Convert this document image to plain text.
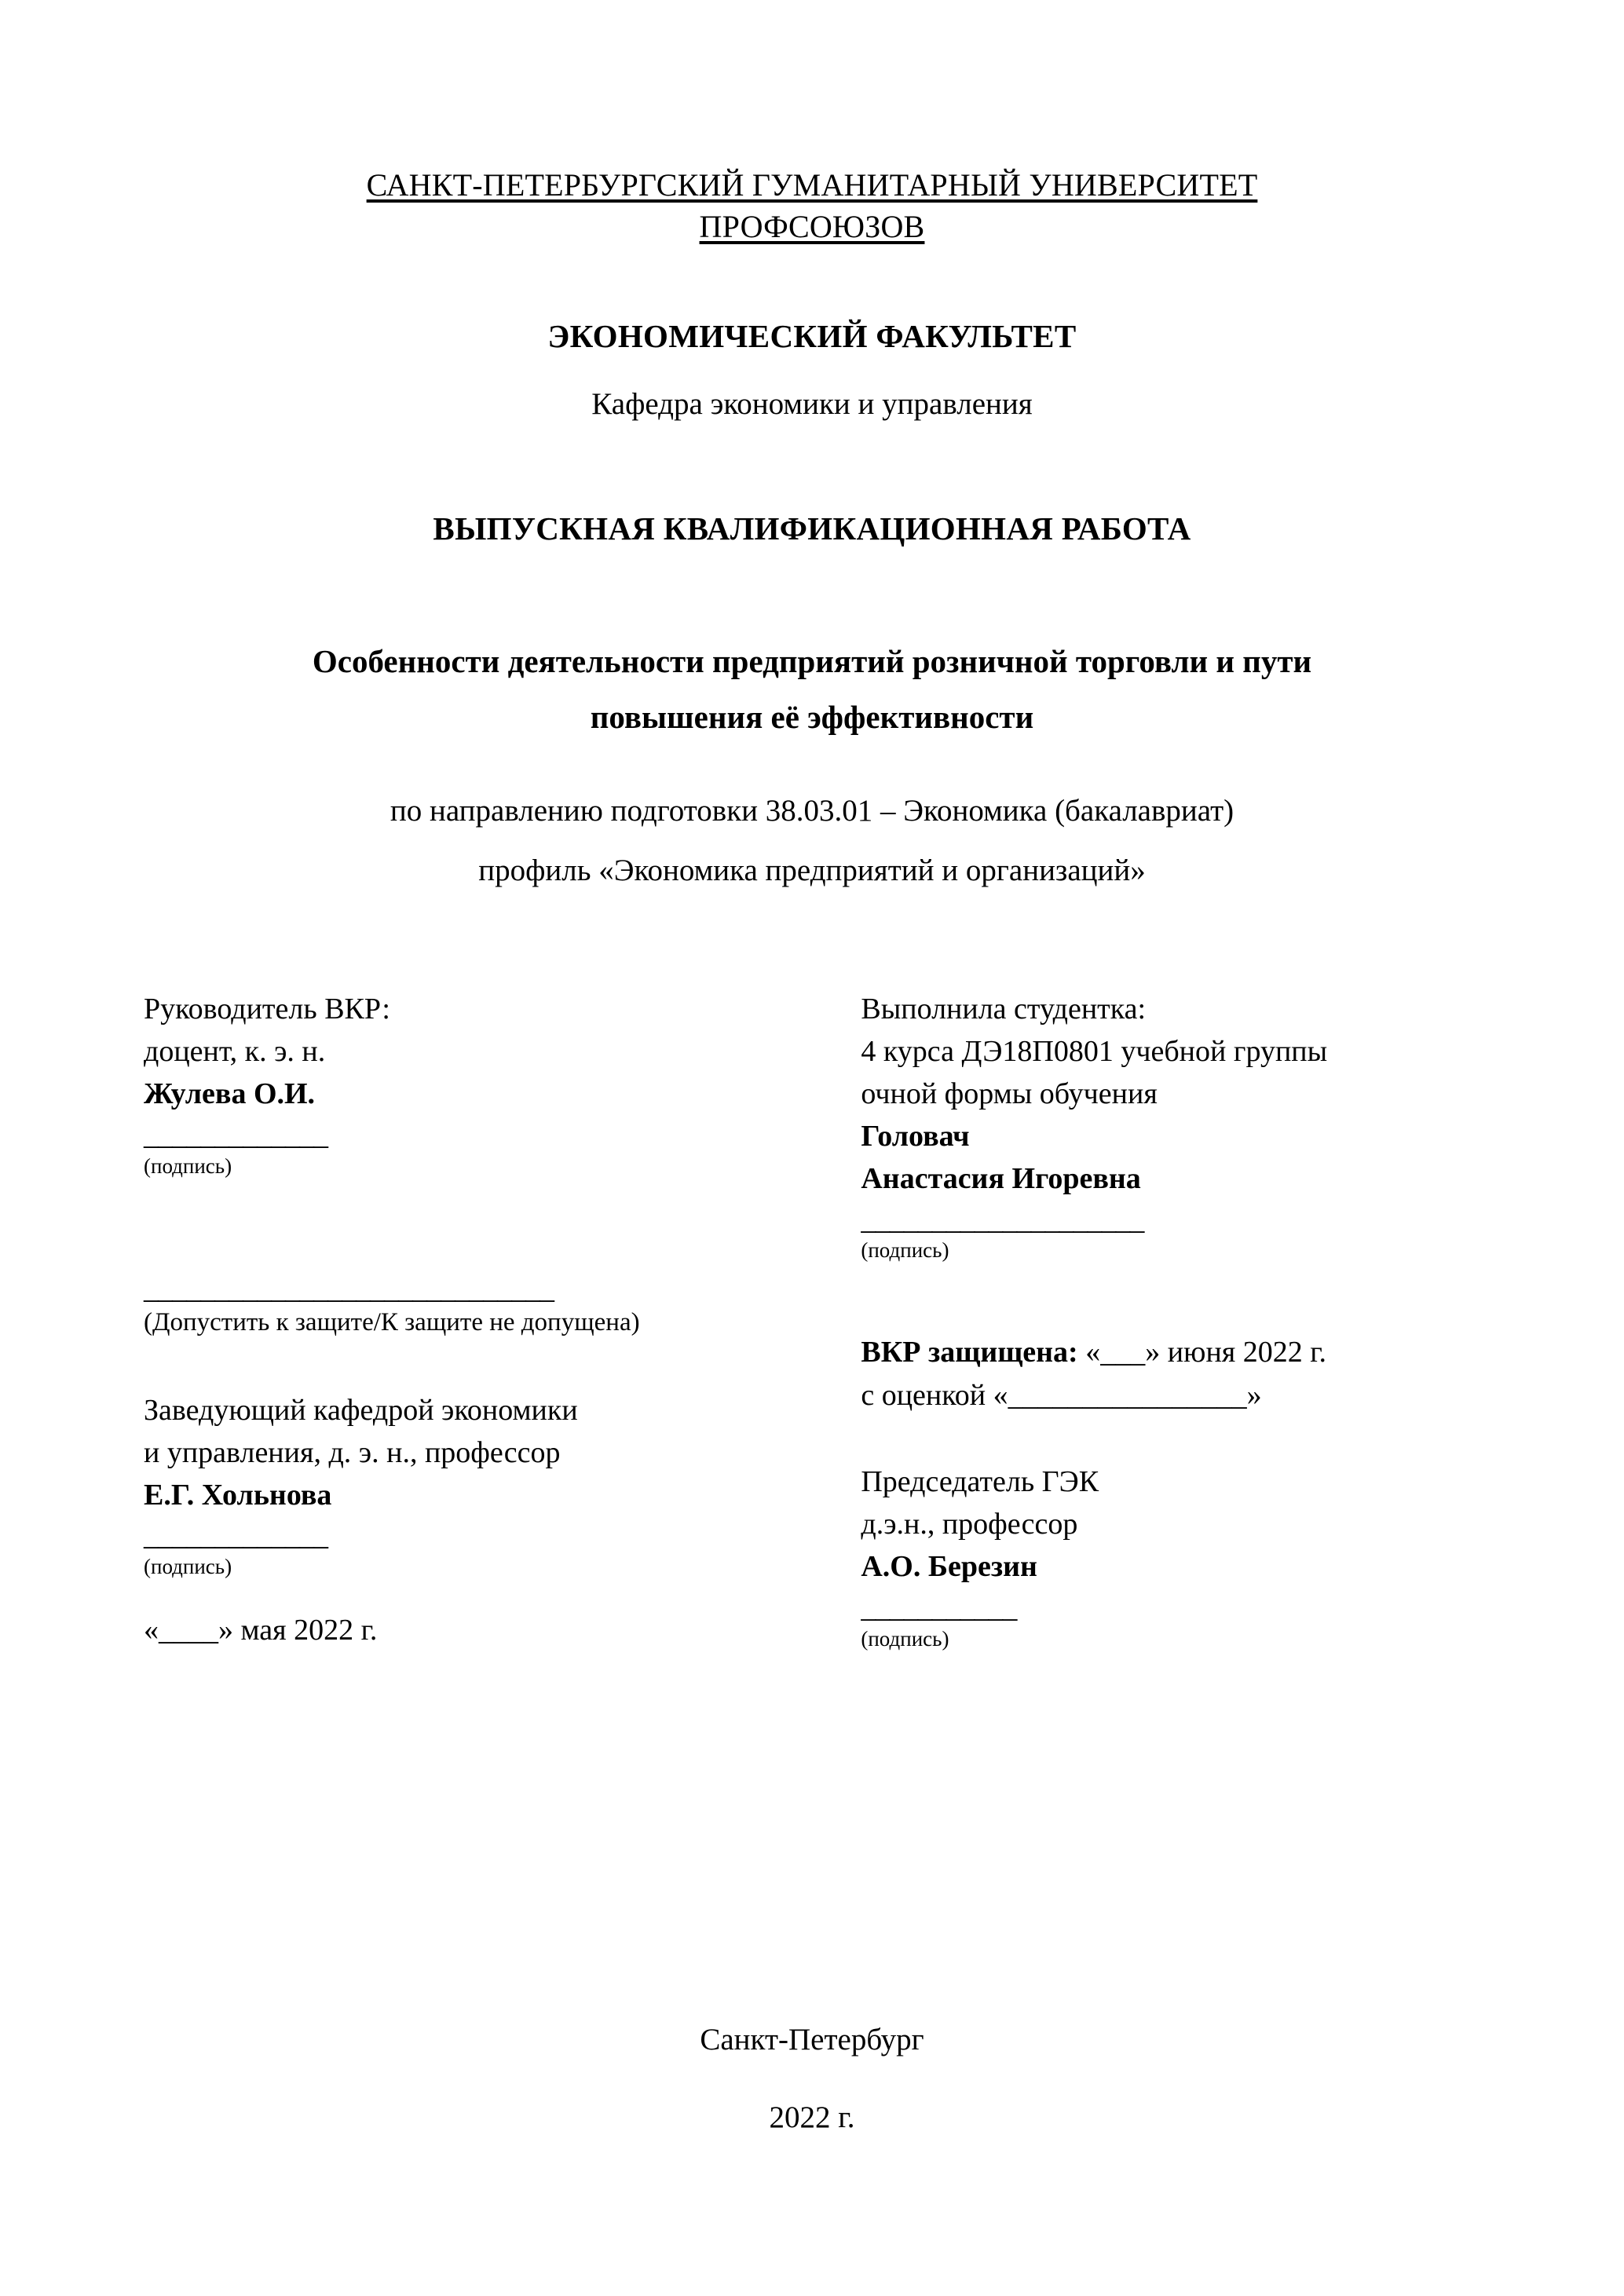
САНКТ-ПЕТЕРБУРГСКИЙ ГУМАНИТАРНЫЙ УНИВЕРСИТЕТ
ПРОФСОЮЗОВ
ЭКОНОМИЧЕСКИЙ ФАКУЛЬТЕТ
Кафедра экономики и управления
ВЫПУСКНАЯ КВАЛИФИКАЦИОННАЯ РАБОТА
Особенности деятельности предприятий розничной торговли и пути
повышения её эффективности
по направлению подготовки 38.03.01 – Экономика (бакалавриат)
профиль «Экономика предприятий и организаций»
Руководитель ВКР:
доцент, к. э. н.
Жулева О.И.
_____________
(подпись)
_____________________________
(Допустить к защите/К защите не допущена)
Заведующий кафедрой экономики
и управления, д. э. н., профессор
Е.Г. Хольнова
_____________
(подпись)
«____» мая 2022 г.
Выполнила студентка:
4 курса ДЭ18П0801 учебной группы
очной формы обучения
Головач
Анастасия Игоревна
____________________
(подпись)
ВКР защищена: «___» июня 2022 г.
с оценкой «________________»
Председатель ГЭК
д.э.н., профессор
А.О. Березин
___________
(подпись)
Санкт-Петербург
2022 г.
